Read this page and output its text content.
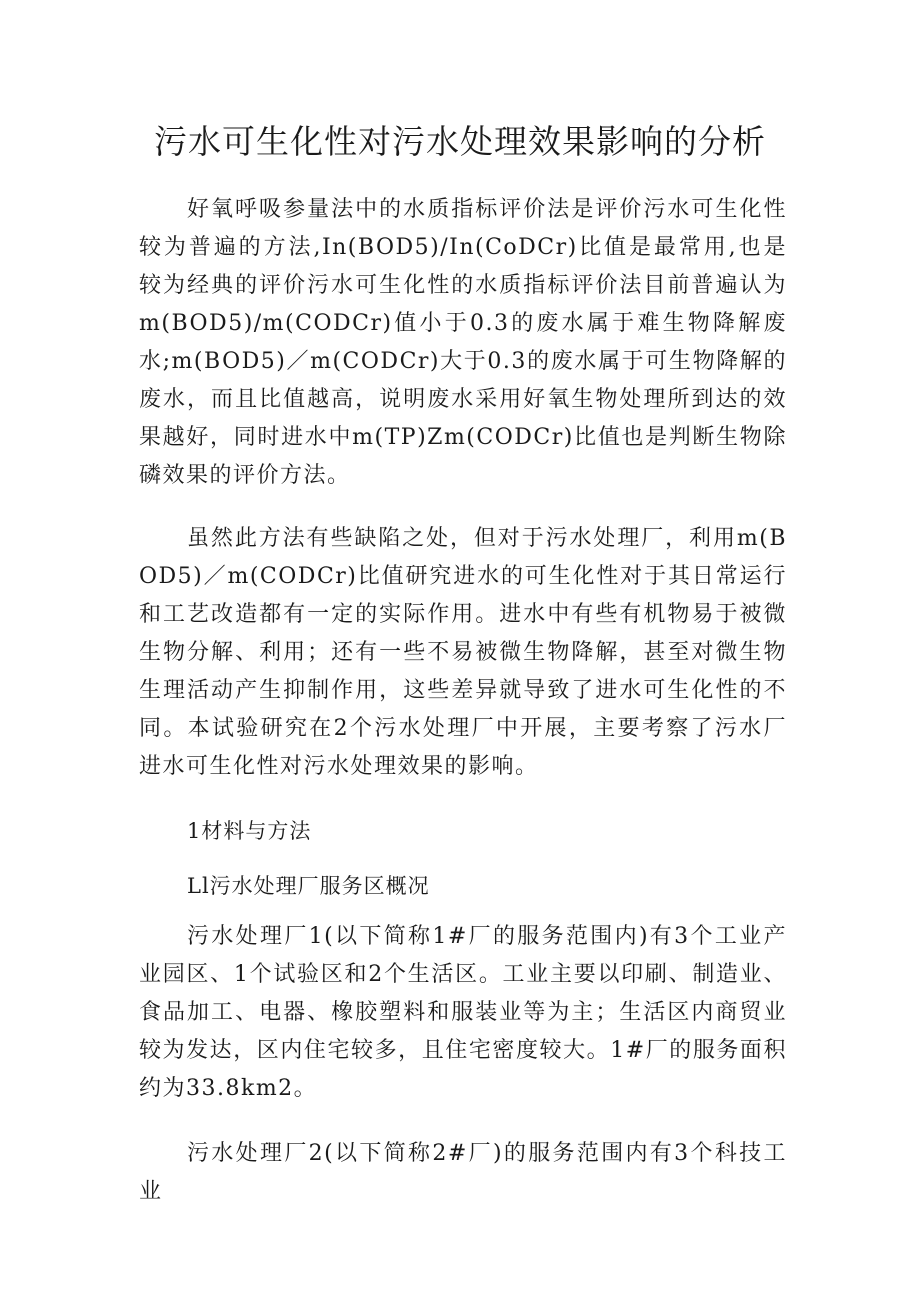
污水可生化性对污水处理效果影响的分析

好氧呼吸参量法中的水质指标评价法是评价污水可生化性较为普遍的方法,In(BOD5)/In(CoDCr)比值是最常用,也是较为经典的评价污水可生化性的水质指标评价法目前普遍认为m(BOD5)/m(CODCr)值小于0.3的废水属于难生物降解废水;m(BOD5)／m(CODCr)大于0.3的废水属于可生物降解的废水，而且比值越高，说明废水采用好氧生物处理所到达的效果越好，同时进水中m(TP)Zm(CODCr)比值也是判断生物除磷效果的评价方法。

虽然此方法有些缺陷之处，但对于污水处理厂，利用m(BOD5)／m(CODCr)比值研究进水的可生化性对于其日常运行和工艺改造都有一定的实际作用。进水中有些有机物易于被微生物分解、利用；还有一些不易被微生物降解，甚至对微生物生理活动产生抑制作用，这些差异就导致了进水可生化性的不同。本试验研究在2个污水处理厂中开展，主要考察了污水厂进水可生化性对污水处理效果的影响。

1材料与方法

Ll污水处理厂服务区概况

污水处理厂1(以下简称1#厂的服务范围内)有3个工业产业园区、1个试验区和2个生活区。工业主要以印刷、制造业、食品加工、电器、橡胶塑料和服装业等为主；生活区内商贸业较为发达，区内住宅较多，且住宅密度较大。1#厂的服务面积约为33.8km2。

污水处理厂2(以下简称2#厂)的服务范围内有3个科技工业
